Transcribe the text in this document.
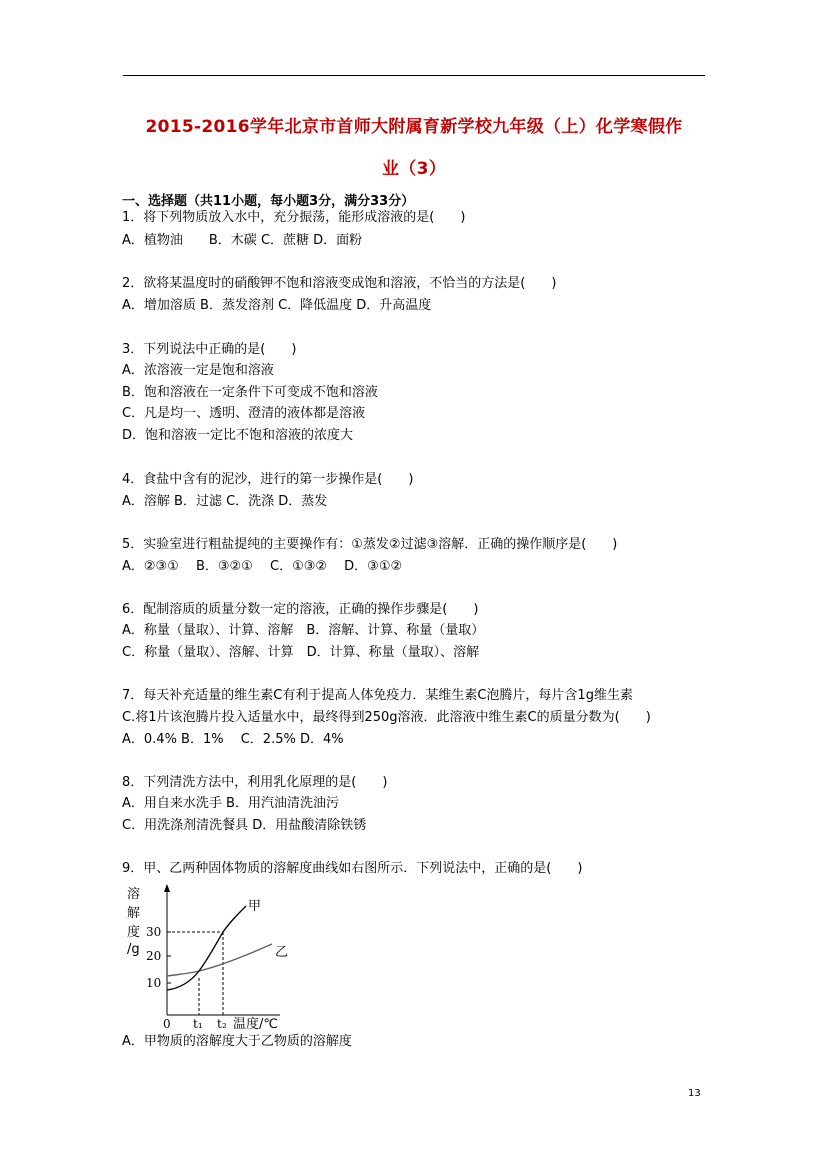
2015-2016学年北京市首师大附属育新学校九年级（上）化学寒假作
业（3）
一、选择题（共11小题，每小题3分，满分33分）
1．将下列物质放入水中，充分振荡，能形成溶液的是(　　)
A．植物油　　B．木碳 C．蔗糖 D．面粉
2．欲将某温度时的硝酸钾不饱和溶液变成饱和溶液，不恰当的方法是(　　)
A．增加溶质 B．蒸发溶剂 C．降低温度 D．升高温度
3．下列说法中正确的是(　　)
A．浓溶液一定是饱和溶液
B．饱和溶液在一定条件下可变成不饱和溶液
C．凡是均一、透明、澄清的液体都是溶液
D．饱和溶液一定比不饱和溶液的浓度大
4．食盐中含有的泥沙，进行的第一步操作是(　　)
A．溶解 B．过滤 C．洗涤 D．蒸发
5．实验室进行粗盐提纯的主要操作有：①蒸发②过滤③溶解．正确的操作顺序是(　　)
A．②③①　 B．③②①　 C．①③②　 D．③①②
6．配制溶质的质量分数一定的溶液，正确的操作步骤是(　　)
A．称量（量取）、计算、溶解　B．溶解、计算、称量（量取）
C．称量（量取）、溶解、计算　D．计算、称量（量取）、溶解
7．每天补充适量的维生素C有利于提高人体免疫力．某维生素C泡腾片，每片含1g维生素
C.将1片该泡腾片投入适量水中，最终得到250g溶液．此溶液中维生素C的质量分数为(　　)
A．0.4% B．1%　 C．2.5% D．4%
8．下列清洗方法中，利用乳化原理的是(　　)
A．用自来水洗手 B．用汽油清洗油污
C．用洗涤剂清洗餐具 D．用盐酸清除铁锈
9．甲、乙两种固体物质的溶解度曲线如右图所示．下列说法中，正确的是(　　)
溶
解
度
/g
30
20
10
甲
乙
0 t₁ t₂ 温度/℃
A．甲物质的溶解度大于乙物质的溶解度
13
